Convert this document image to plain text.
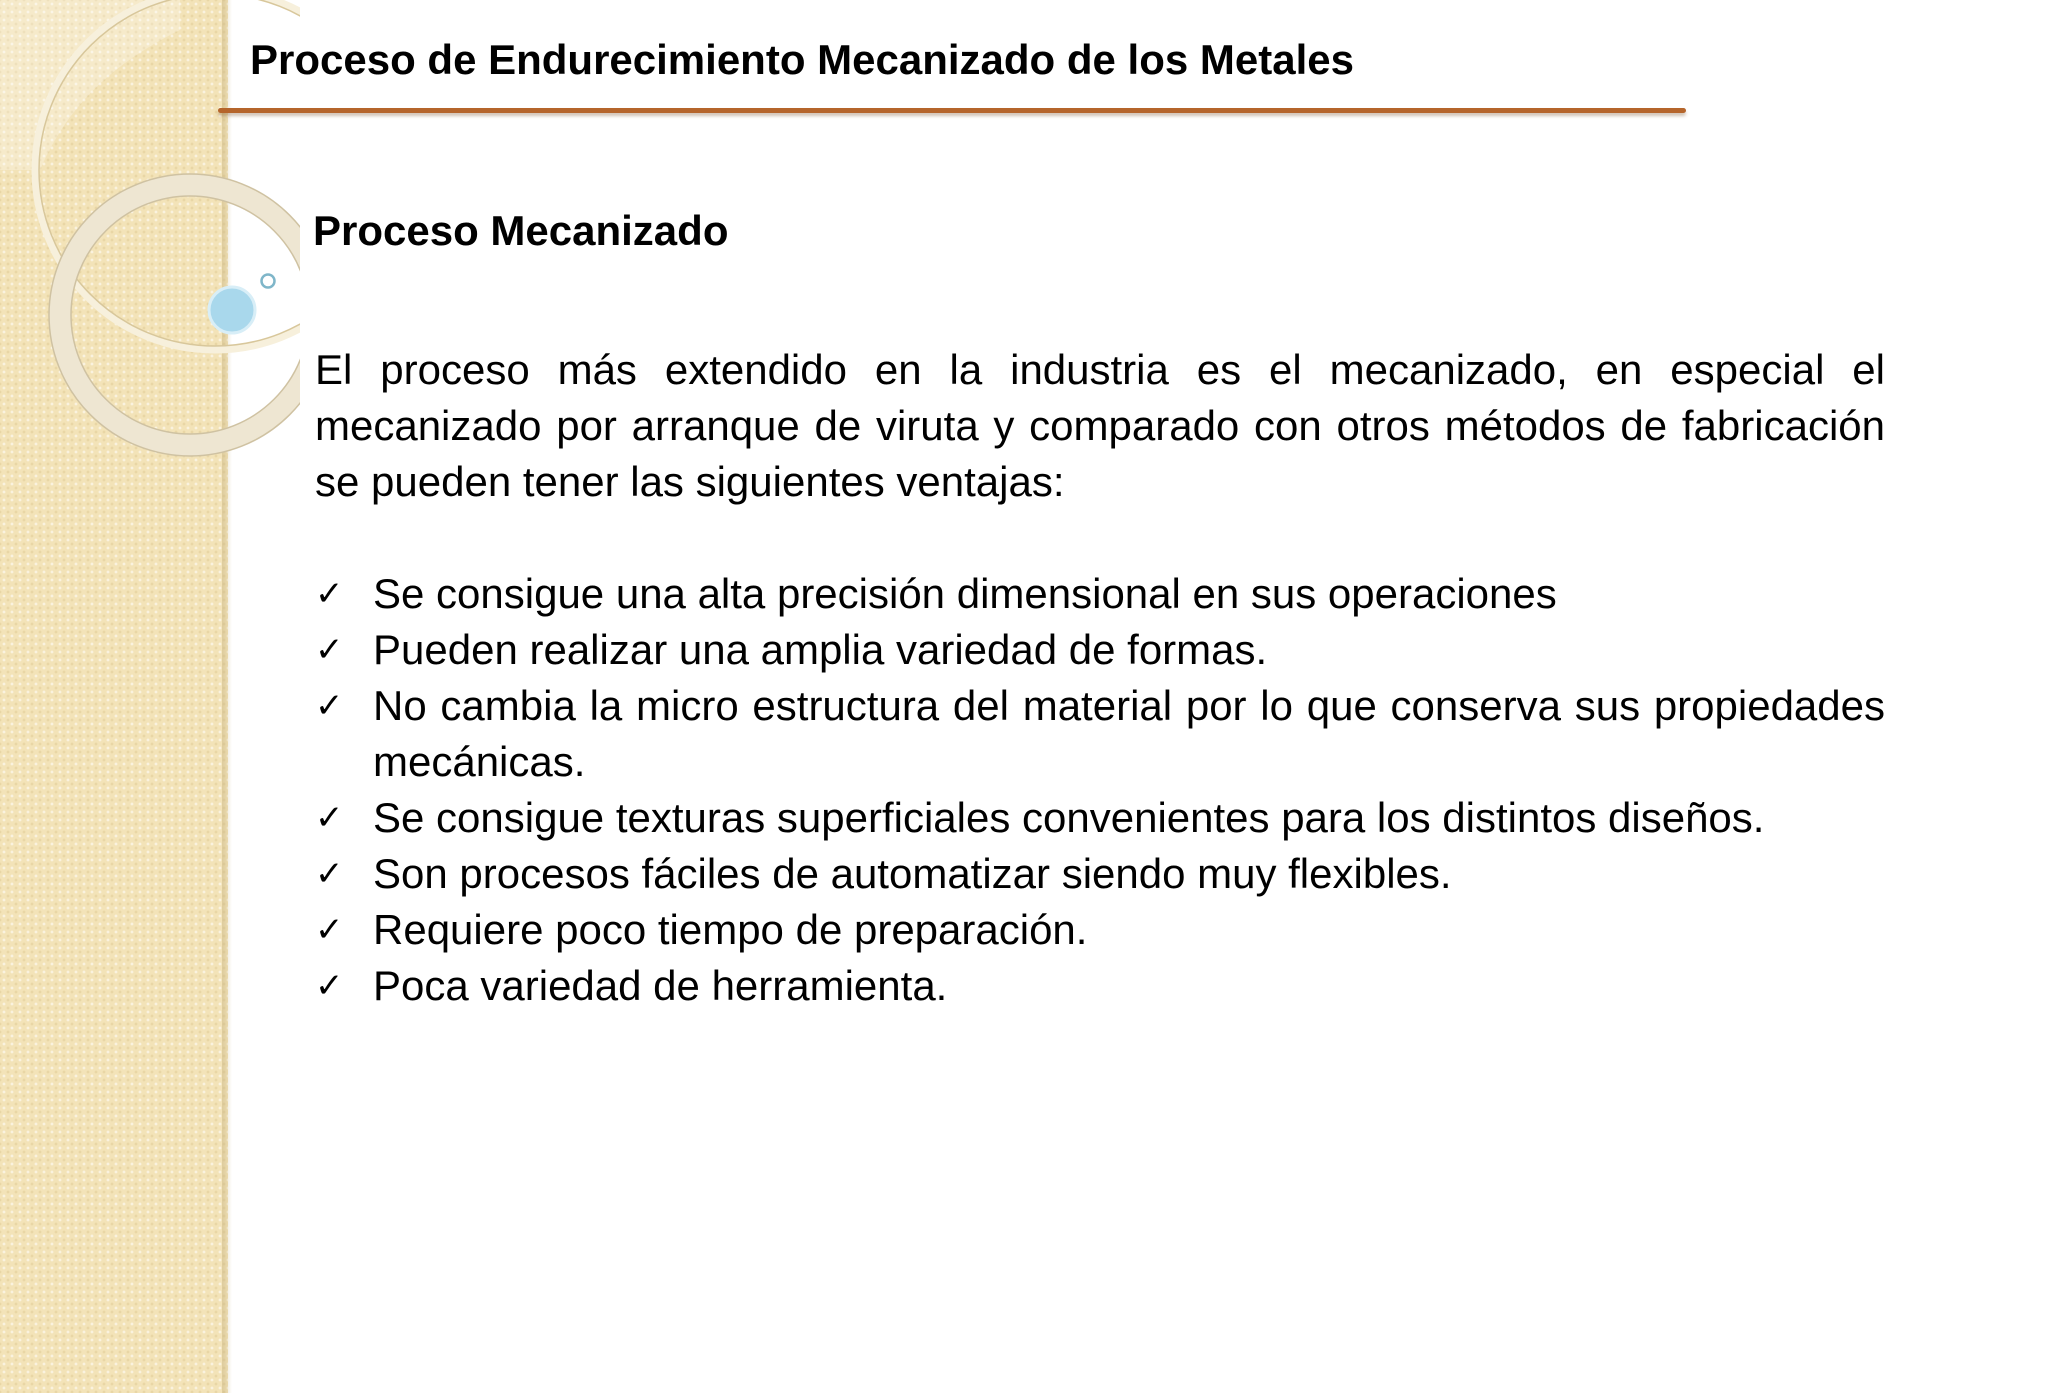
Proceso de Endurecimiento Mecanizado de los Metales
Proceso Mecanizado

El proceso más extendido en la industria es el mecanizado, en especial el mecanizado por arranque de viruta y comparado con otros métodos de fabricación se pueden tener las siguientes ventajas:

✓ Se consigue una alta precisión dimensional en sus operaciones
✓ Pueden realizar una amplia variedad de formas.
✓ No cambia la micro estructura del material por lo que conserva sus propiedades mecánicas.
✓ Se consigue texturas superficiales convenientes para los distintos diseños.
✓ Son procesos fáciles de automatizar siendo muy flexibles.
✓ Requiere poco tiempo de preparación.
✓ Poca variedad de herramienta.
